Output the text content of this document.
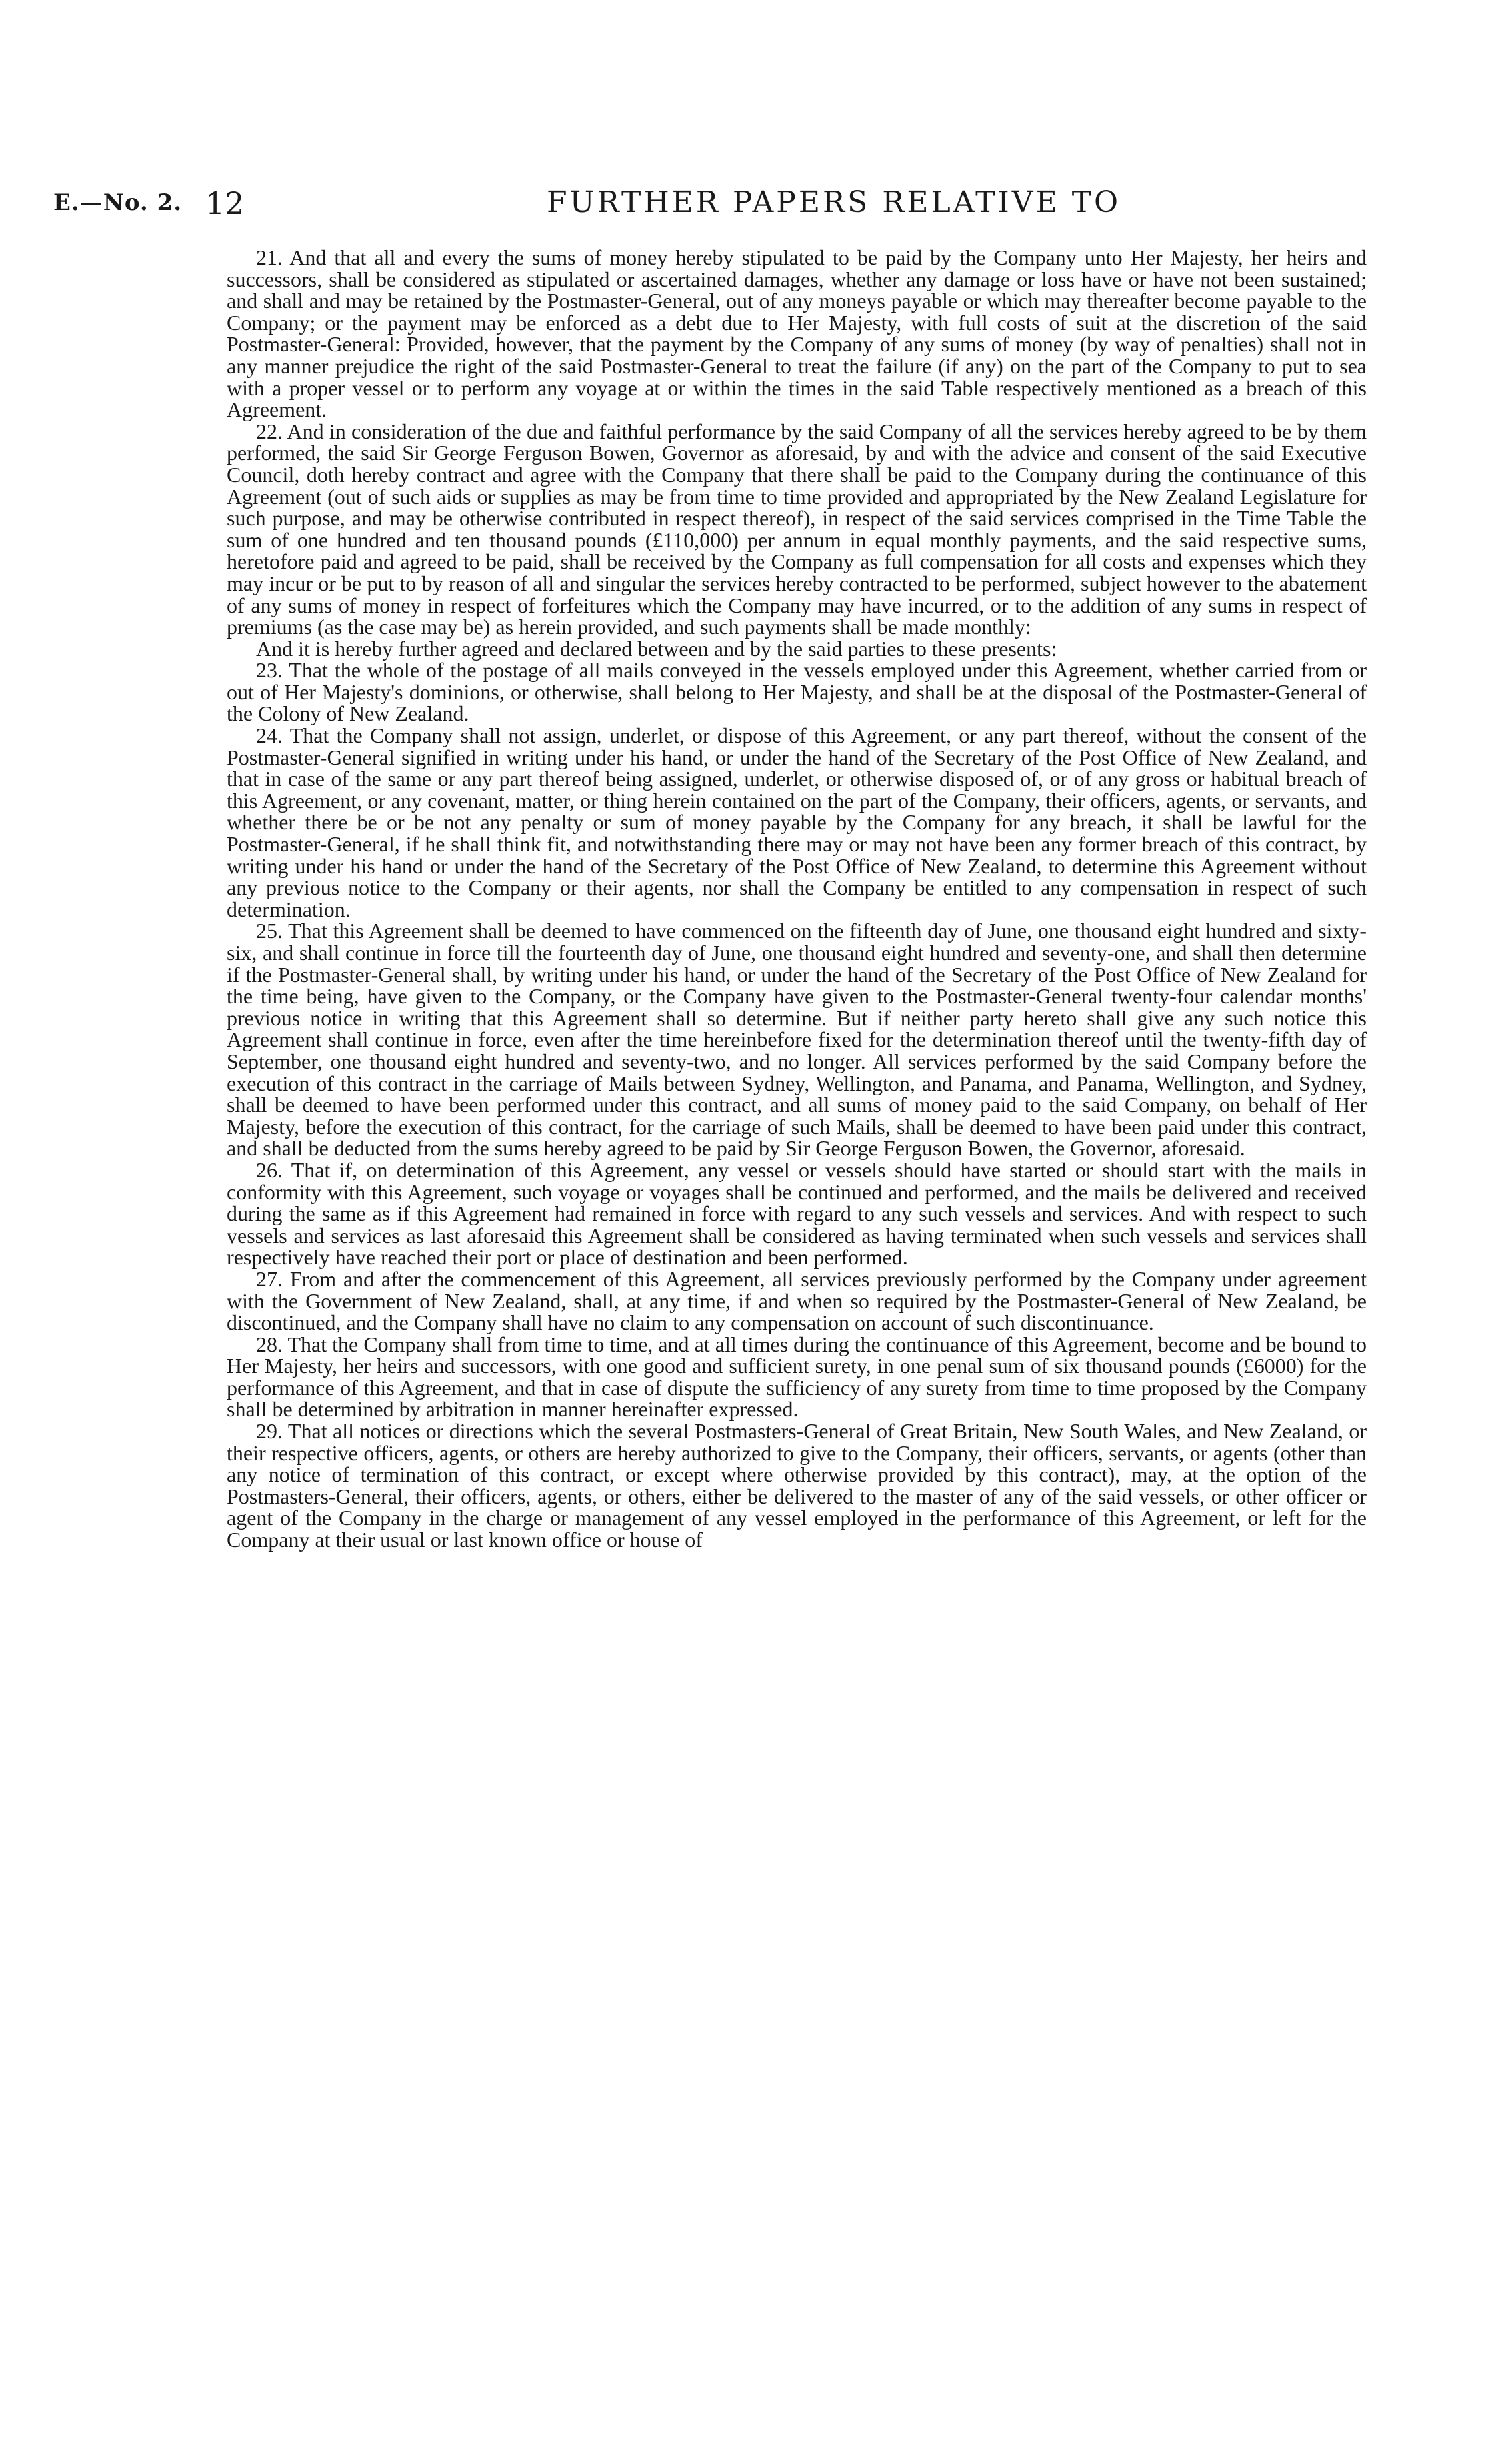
E.—No. 2. 12	FURTHER PAPERS RELATIVE TO

21. And that all and every the sums of money hereby stipulated to be paid by the Company unto Her Majesty, her heirs and successors, shall be considered as stipulated or ascertained damages, whether any damage or loss have or have not been sustained; and shall and may be retained by the Postmaster-General, out of any moneys payable or which may thereafter become payable to the Company; or the payment may be enforced as a debt due to Her Majesty, with full costs of suit at the discretion of the said Postmaster-General: Provided, however, that the payment by the Company of any sums of money (by way of penalties) shall not in any manner prejudice the right of the said Postmaster-General to treat the failure (if any) on the part of the Company to put to sea with a proper vessel or to perform any voyage at or within the times in the said Table respectively mentioned as a breach of this Agreement.

22. And in consideration of the due and faithful performance by the said Company of all the services hereby agreed to be by them performed, the said Sir George Ferguson Bowen, Governor as aforesaid, by and with the advice and consent of the said Executive Council, doth hereby contract and agree with the Company that there shall be paid to the Company during the continuance of this Agreement (out of such aids or supplies as may be from time to time provided and appropriated by the New Zealand Legislature for such purpose, and may be otherwise contributed in respect thereof), in respect of the said services comprised in the Time Table the sum of one hundred and ten thousand pounds (£110,000) per annum in equal monthly payments, and the said respective sums, heretofore paid and agreed to be paid, shall be received by the Company as full compensation for all costs and expenses which they may incur or be put to by reason of all and singular the services hereby contracted to be performed, subject however to the abatement of any sums of money in respect of forfeitures which the Company may have incurred, or to the addition of any sums in respect of premiums (as the case may be) as herein provided, and such payments shall be made monthly:

And it is hereby further agreed and declared between and by the said parties to these presents:

23. That the whole of the postage of all mails conveyed in the vessels employed under this Agreement, whether carried from or out of Her Majesty's dominions, or otherwise, shall belong to Her Majesty, and shall be at the disposal of the Postmaster-General of the Colony of New Zealand.

24. That the Company shall not assign, underlet, or dispose of this Agreement, or any part thereof, without the consent of the Postmaster-General signified in writing under his hand, or under the hand of the Secretary of the Post Office of New Zealand, and that in case of the same or any part thereof being assigned, underlet, or otherwise disposed of, or of any gross or habitual breach of this Agreement, or any covenant, matter, or thing herein contained on the part of the Company, their officers, agents, or servants, and whether there be or be not any penalty or sum of money payable by the Company for any breach, it shall be lawful for the Postmaster-General, if he shall think fit, and notwithstanding there may or may not have been any former breach of this contract, by writing under his hand or under the hand of the Secretary of the Post Office of New Zealand, to determine this Agreement without any previous notice to the Company or their agents, nor shall the Company be entitled to any compensation in respect of such determination.

25. That this Agreement shall be deemed to have commenced on the fifteenth day of June, one thousand eight hundred and sixty-six, and shall continue in force till the fourteenth day of June, one thousand eight hundred and seventy-one, and shall then determine if the Postmaster-General shall, by writing under his hand, or under the hand of the Secretary of the Post Office of New Zealand for the time being, have given to the Company, or the Company have given to the Postmaster-General twenty-four calendar months' previous notice in writing that this Agreement shall so determine. But if neither party hereto shall give any such notice this Agreement shall continue in force, even after the time hereinbefore fixed for the determination thereof until the twenty-fifth day of September, one thousand eight hundred and seventy-two, and no longer. All services performed by the said Company before the execution of this contract in the carriage of Mails between Sydney, Wellington, and Panama, and Panama, Wellington, and Sydney, shall be deemed to have been performed under this contract, and all sums of money paid to the said Company, on behalf of Her Majesty, before the execution of this contract, for the carriage of such Mails, shall be deemed to have been paid under this contract, and shall be deducted from the sums hereby agreed to be paid by Sir George Ferguson Bowen, the Governor, aforesaid.

26. That if, on determination of this Agreement, any vessel or vessels should have started or should start with the mails in conformity with this Agreement, such voyage or voyages shall be continued and performed, and the mails be delivered and received during the same as if this Agreement had remained in force with regard to any such vessels and services. And with respect to such vessels and services as last aforesaid this Agreement shall be considered as having terminated when such vessels and services shall respectively have reached their port or place of destination and been performed.

27. From and after the commencement of this Agreement, all services previously performed by the Company under agreement with the Government of New Zealand, shall, at any time, if and when so required by the Postmaster-General of New Zealand, be discontinued, and the Company shall have no claim to any compensation on account of such discontinuance.

28. That the Company shall from time to time, and at all times during the continuance of this Agreement, become and be bound to Her Majesty, her heirs and successors, with one good and sufficient surety, in one penal sum of six thousand pounds (£6000) for the performance of this Agreement, and that in case of dispute the sufficiency of any surety from time to time proposed by the Company shall be determined by arbitration in manner hereinafter expressed.

29. That all notices or directions which the several Postmasters-General of Great Britain, New South Wales, and New Zealand, or their respective officers, agents, or others are hereby authorized to give to the Company, their officers, servants, or agents (other than any notice of termination of this contract, or except where otherwise provided by this contract), may, at the option of the Postmasters-General, their officers, agents, or others, either be delivered to the master of any of the said vessels, or other officer or agent of the Company in the charge or management of any vessel employed in the performance of this Agreement, or left for the Company at their usual or last known office or house of
